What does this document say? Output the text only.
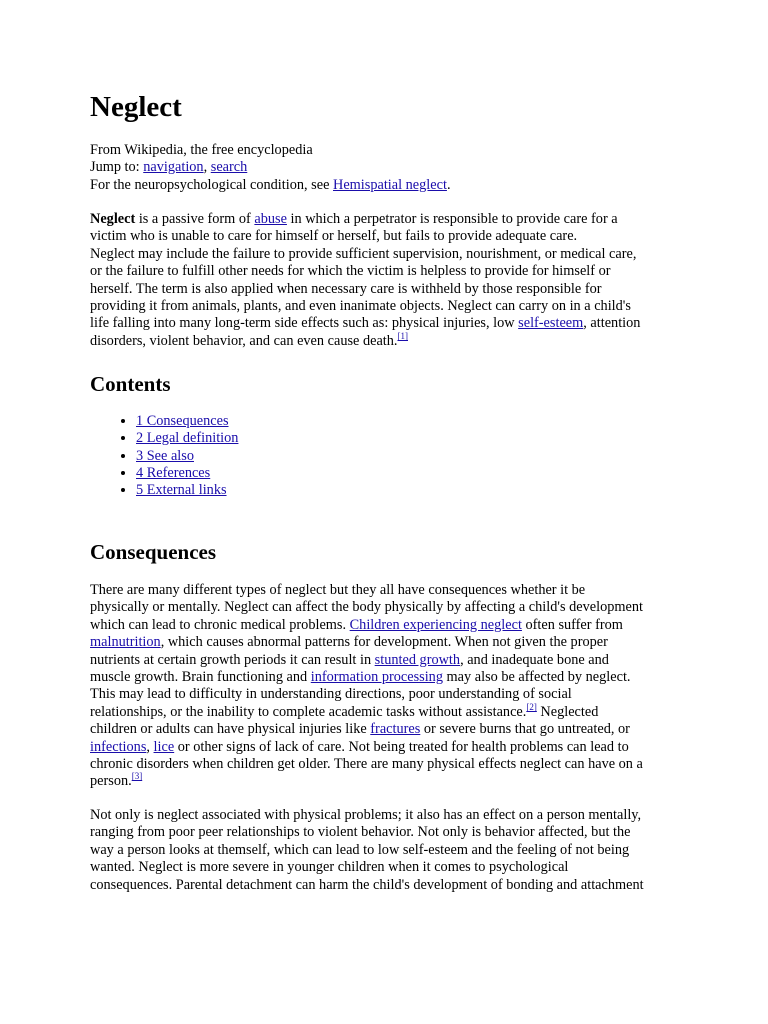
Neglect
From Wikipedia, the free encyclopedia
Jump to: navigation, search
For the neuropsychological condition, see Hemispatial neglect.
Neglect is a passive form of abuse in which a perpetrator is responsible to provide care for a
victim who is unable to care for himself or herself, but fails to provide adequate care.
Neglect may include the failure to provide sufficient supervision, nourishment, or medical care,
or the failure to fulfill other needs for which the victim is helpless to provide for himself or
herself. The term is also applied when necessary care is withheld by those responsible for
providing it from animals, plants, and even inanimate objects. Neglect can carry on in a child's
life falling into many long-term side effects such as: physical injuries, low self-esteem, attention
disorders, violent behavior, and can even cause death.[1]
Contents
• 1 Consequences
• 2 Legal definition
• 3 See also
• 4 References
• 5 External links
Consequences
There are many different types of neglect but they all have consequences whether it be
physically or mentally. Neglect can affect the body physically by affecting a child's development
which can lead to chronic medical problems. Children experiencing neglect often suffer from
malnutrition, which causes abnormal patterns for development. When not given the proper
nutrients at certain growth periods it can result in stunted growth, and inadequate bone and
muscle growth. Brain functioning and information processing may also be affected by neglect.
This may lead to difficulty in understanding directions, poor understanding of social
relationships, or the inability to complete academic tasks without assistance.[2] Neglected
children or adults can have physical injuries like fractures or severe burns that go untreated, or
infections, lice or other signs of lack of care. Not being treated for health problems can lead to
chronic disorders when children get older. There are many physical effects neglect can have on a
person.[3]
Not only is neglect associated with physical problems; it also has an effect on a person mentally,
ranging from poor peer relationships to violent behavior. Not only is behavior affected, but the
way a person looks at themself, which can lead to low self-esteem and the feeling of not being
wanted. Neglect is more severe in younger children when it comes to psychological
consequences. Parental detachment can harm the child's development of bonding and attachment
